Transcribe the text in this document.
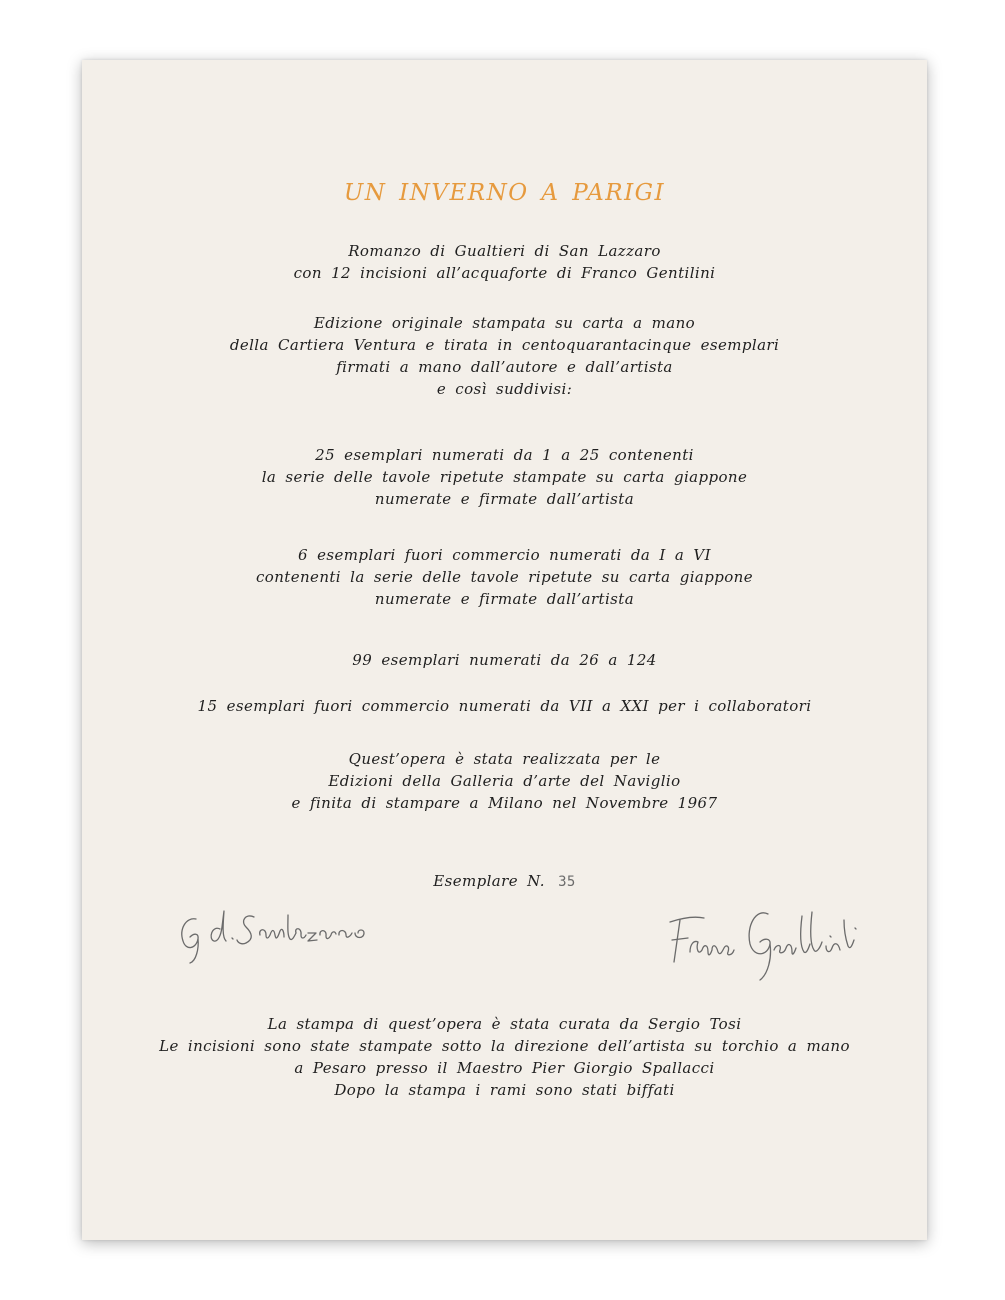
UN INVERNO A PARIGI
Romanzo di Gualtieri di San Lazzaro
con 12 incisioni all’acquaforte di Franco Gentilini
Edizione originale stampata su carta a mano
della Cartiera Ventura e tirata in centoquarantacinque esemplari
firmati a mano dall’autore e dall’artista
e così suddivisi:
25 esemplari numerati da 1 a 25 contenenti
la serie delle tavole ripetute stampate su carta giappone
numerate e firmate dall’artista
6 esemplari fuori commercio numerati da I a VI
contenenti la serie delle tavole ripetute su carta giappone
numerate e firmate dall’artista
99 esemplari numerati da 26 a 124
15 esemplari fuori commercio numerati da VII a XXI per i collaboratori
Quest’opera è stata realizzata per le
Edizioni della Galleria d’arte del Naviglio
e finita di stampare a Milano nel Novembre 1967
Esemplare N. 35
La stampa di quest’opera è stata curata da Sergio Tosi
Le incisioni sono state stampate sotto la direzione dell’artista su torchio a mano
a Pesaro presso il Maestro Pier Giorgio Spallacci
Dopo la stampa i rami sono stati biffati
